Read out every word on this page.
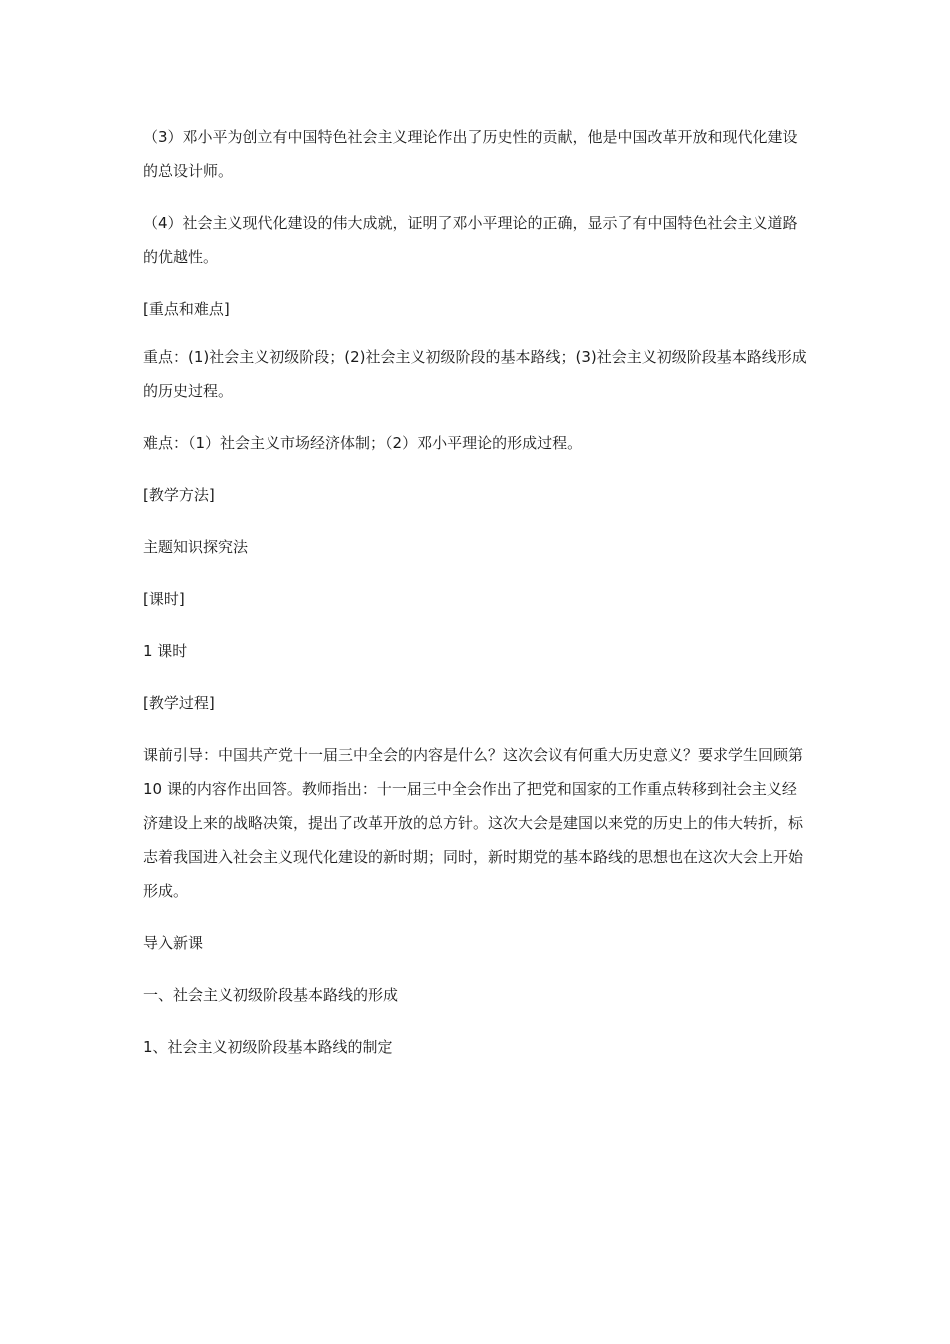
（3）邓小平为创立有中国特色社会主义理论作出了历史性的贡献，他是中国改革开放和现代化建设的总设计师。

（4）社会主义现代化建设的伟大成就，证明了邓小平理论的正确，显示了有中国特色社会主义道路的优越性。

[重点和难点]

重点：(1)社会主义初级阶段；(2)社会主义初级阶段的基本路线；(3)社会主义初级阶段基本路线形成的历史过程。

难点：（1）社会主义市场经济体制；（2）邓小平理论的形成过程。

[教学方法]

主题知识探究法

[课时]

1 课时

[教学过程]

课前引导：中国共产党十一届三中全会的内容是什么？这次会议有何重大历史意义？要求学生回顾第 10 课的内容作出回答。教师指出：十一届三中全会作出了把党和国家的工作重点转移到社会主义经济建设上来的战略决策，提出了改革开放的总方针。这次大会是建国以来党的历史上的伟大转折，标志着我国进入社会主义现代化建设的新时期；同时，新时期党的基本路线的思想也在这次大会上开始形成。

导入新课

一、社会主义初级阶段基本路线的形成

1、社会主义初级阶段基本路线的制定
